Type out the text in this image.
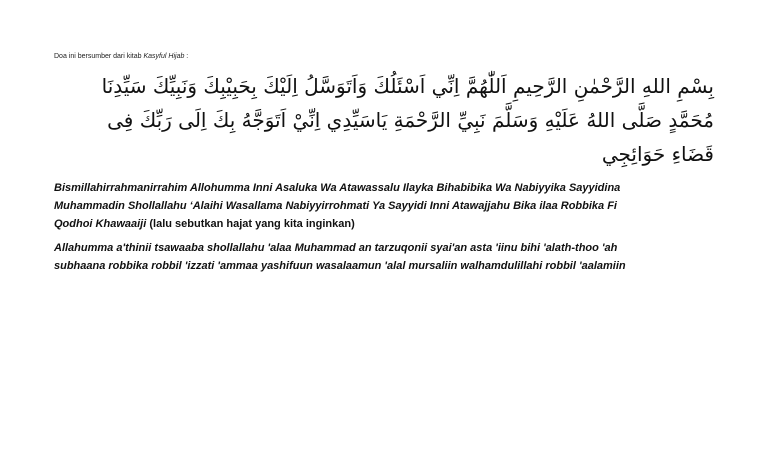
Doa ini bersumber dari kitab Kasyful Hijab :
بِسْمِ اللهِ الرَّحْمٰنِ الرَّحِيمِ اَللّٰهُمَّ اِنِّي اَسْئَلُكَ وَاَتَوَسَّلُ اِلَيْكَ بِحَبِيْبِكَ وَنَبِيِّكَ سَيِّدِنَا
مُحَمَّدٍ صَلَّى اللهُ عَلَيْهِ وَسَلَّمَ نَبِيِّ الرَّحْمَةِ يَاسَيِّدِي اِنِّيْ اَتَوَجَّهُ بِكَ اِلَى رَبِّكَ فِى
قَضَاءِ حَوَائِجِي
Bismillahirrahmanirrahim Allohumma Inni Asaluka Wa Atawassalu Ilayka Bihabibika Wa Nabiyyika Sayyidina
Muhammadin Shollallahu ‘Alaihi Wasallama Nabiyyirrohmati Ya Sayyidi Inni Atawajjahu Bika ilaa Robbika Fi
Qodhoi Khawaaiji (lalu sebutkan hajat yang kita inginkan)
Allahumma a'thinii tsawaaba shollallahu 'alaa Muhammad an tarzuqonii syai'an asta 'iinu bihi 'alath-thoo 'ah
subhaana robbika robbil 'izzati 'ammaa yashifuun wasalaamun 'alal mursaliin walhamdulillahi robbil 'aalamiin
